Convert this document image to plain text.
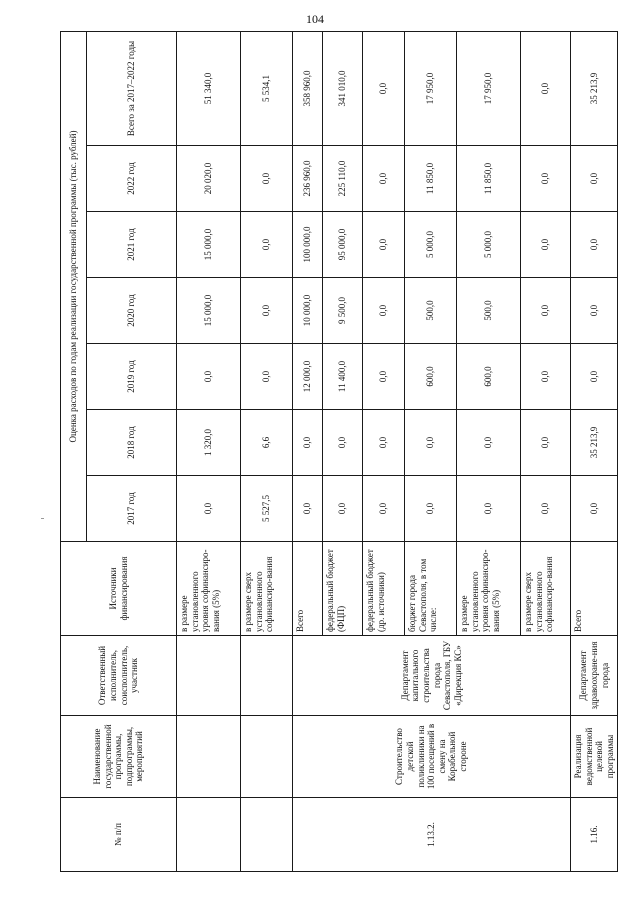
104
№ п/п	Наименование государственной программы, подпрограммы, мероприятий	Ответственный исполнитель, соисполнитель, участник	Источники финансирования	Оценка расходов по годам реализации государственной программы (тыс. рублей)						
				2017 год	2018 год	2019 год	2020 год	2021 год	2022 год	Всего за 2017–2022 годы
			в размере установленного уровня софинансиро-вания (5%)	0,0	1 320,0	0,0	15 000,0	15 000,0	20 020,0	51 340,0
			в размере сверх установленного софинансиро-вания	5 527,5	6,6	0,0	0,0	0,0	0,0	5 534,1
1.13.2.	Строительство детской поликлиники на 100 посещений в смену на Корабельной стороне	Департамент капитального строительства города Севастополя, ГБУ «Дирекция КС»	Всего	0,0	0,0	12 000,0	10 000,0	100 000,0	236 960,0	358 960,0
			федеральный бюджет (ФЦП)	0,0	0,0	11 400,0	9 500,0	95 000,0	225 110,0	341 010,0
			федеральный бюджет (др. источники)	0,0	0,0	0,0	0,0	0,0	0,0	0,0
			бюджет города Севастополя, в том числе:	0,0	0,0	600,0	500,0	5 000,0	11 850,0	17 950,0
			в размере установленного уровня софинансиро-вания (5%)	0,0	0,0	600,0	500,0	5 000,0	11 850,0	17 950,0
			в размере сверх установленного софинансиро-вания	0,0	0,0	0,0	0,0	0,0	0,0	0,0
1.16.	Реализация ведомственной целевой программы	Департамент здравоохране-ния города	Всего	0,0	35 213,9	0,0	0,0	0,0	0,0	35 213,9
